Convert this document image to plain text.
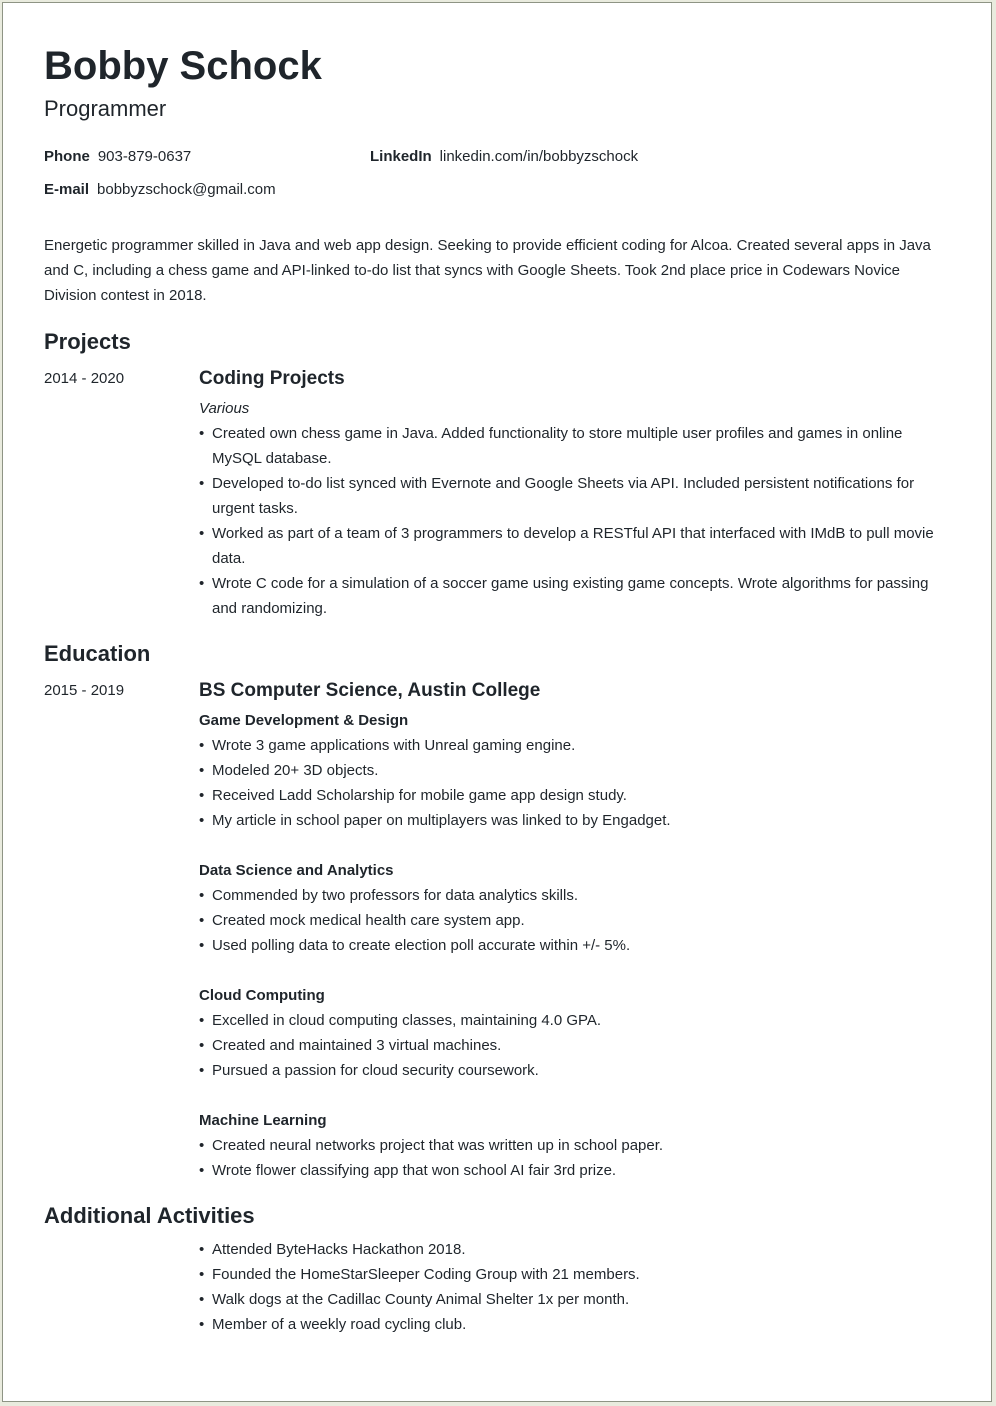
Bobby Schock
Programmer
Phone 903-879-0637	LinkedIn linkedin.com/in/bobbyzschock
E-mail bobbyzschock@gmail.com

Energetic programmer skilled in Java and web app design. Seeking to provide efficient coding for Alcoa. Created several apps in Java and C, including a chess game and API-linked to-do list that syncs with Google Sheets. Took 2nd place price in Codewars Novice Division contest in 2018.

Projects
2014 - 2020	Coding Projects
Various
• Created own chess game in Java. Added functionality to store multiple user profiles and games in online MySQL database.
• Developed to-do list synced with Evernote and Google Sheets via API. Included persistent notifications for urgent tasks.
• Worked as part of a team of 3 programmers to develop a RESTful API that interfaced with IMdB to pull movie data.
• Wrote C code for a simulation of a soccer game using existing game concepts. Wrote algorithms for passing and randomizing.
Education
2015 - 2019	BS Computer Science, Austin College
Game Development & Design
• Wrote 3 game applications with Unreal gaming engine.
• Modeled 20+ 3D objects.
• Received Ladd Scholarship for mobile game app design study.
• My article in school paper on multiplayers was linked to by Engadget.
Data Science and Analytics
• Commended by two professors for data analytics skills.
• Created mock medical health care system app.
• Used polling data to create election poll accurate within +/- 5%.
Cloud Computing
• Excelled in cloud computing classes, maintaining 4.0 GPA.
• Created and maintained 3 virtual machines.
• Pursued a passion for cloud security coursework.
Machine Learning
• Created neural networks project that was written up in school paper.
• Wrote flower classifying app that won school AI fair 3rd prize.
Additional Activities
• Attended ByteHacks Hackathon 2018.
• Founded the HomeStarSleeper Coding Group with 21 members.
• Walk dogs at the Cadillac County Animal Shelter 1x per month.
• Member of a weekly road cycling club.
